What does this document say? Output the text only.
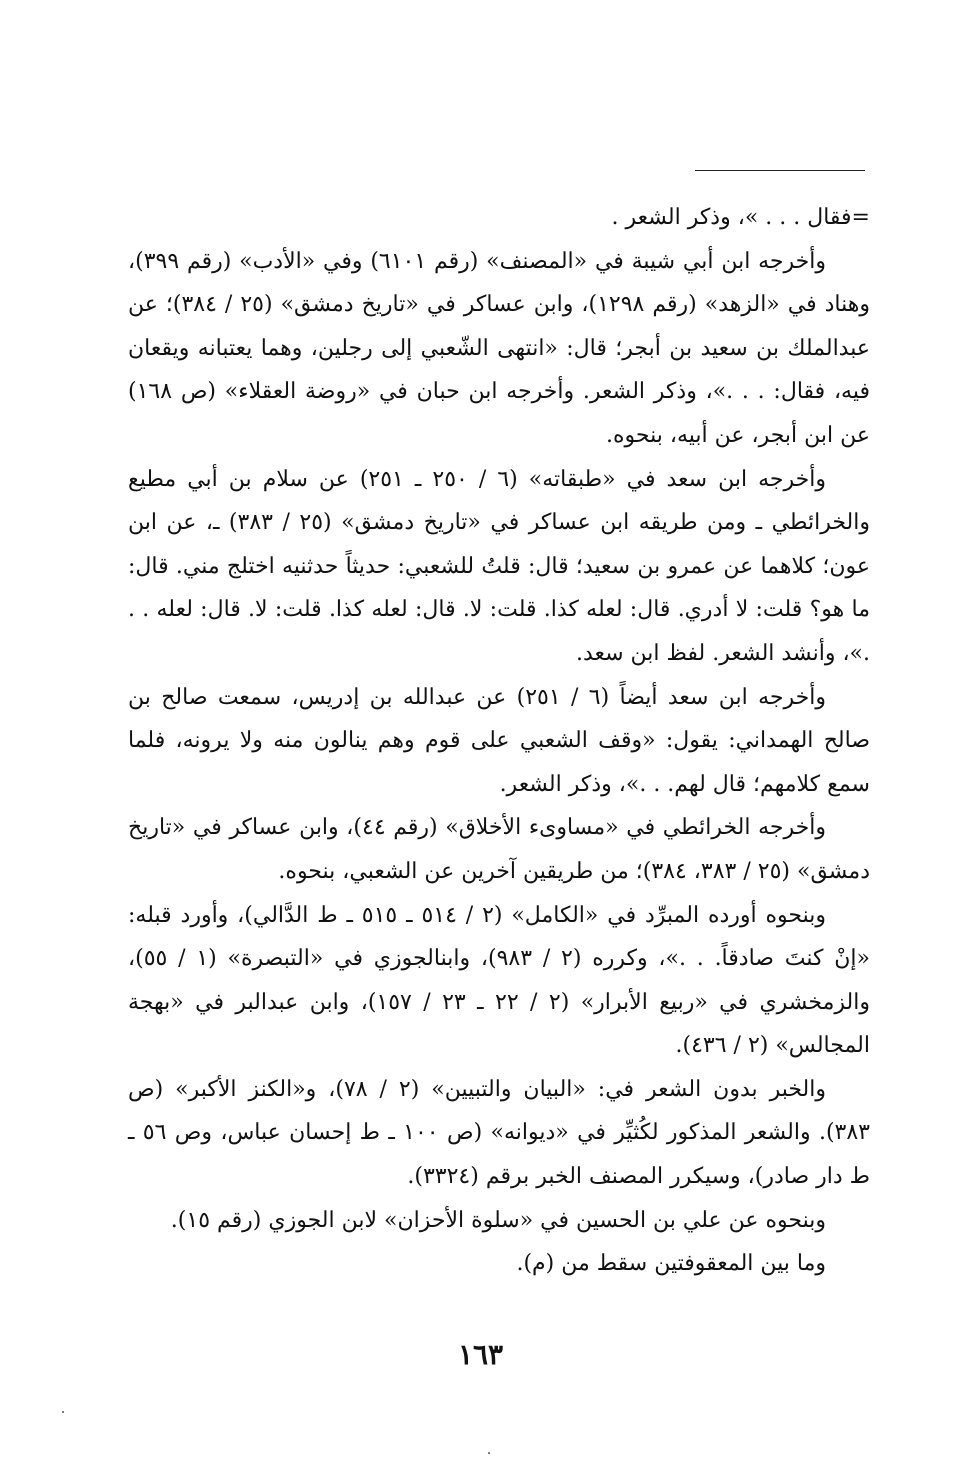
=فقال . . . »، وذكر الشعر .

وأخرجه ابن أبي شيبة في «المصنف» (رقم ٦١٠١) وفي «الأدب» (رقم ٣٩٩)، وهناد في «الزهد» (رقم ١٢٩٨)، وابن عساكر في «تاريخ دمشق» (٢٥ / ٣٨٤)؛ عن عبدالملك بن سعيد بن أبجر؛ قال: «انتهى الشّعبي إلى رجلين، وهما يعتبانه ويقعان فيه، فقال: . . .»، وذكر الشعر. وأخرجه ابن حبان في «روضة العقلاء» (ص ١٦٨) عن ابن أبجر، عن أبيه، بنحوه.

وأخرجه ابن سعد في «طبقاته» (٦ / ٢٥٠ ـ ٢٥١) عن سلام بن أبي مطيع والخرائطي ـ ومن طريقه ابن عساكر في «تاريخ دمشق» (٢٥ / ٣٨٣) ـ، عن ابن عون؛ كلاهما عن عمرو بن سعيد؛ قال: قلتُ للشعبي: حديثاً حدثنيه اختلج مني. قال: ما هو؟ قلت: لا أدري. قال: لعله كذا. قلت: لا. قال: لعله كذا. قلت: لا. قال: لعله . . .»، وأنشد الشعر. لفظ ابن سعد.

وأخرجه ابن سعد أيضاً (٦ / ٢٥١) عن عبدالله بن إدريس، سمعت صالح بن صالح الهمداني: يقول: «وقف الشعبي على قوم وهم ينالون منه ولا يرونه، فلما سمع كلامهم؛ قال لهم. . .»، وذكر الشعر.

وأخرجه الخرائطي في «مساوىء الأخلاق» (رقم ٤٤)، وابن عساكر في «تاريخ دمشق» (٢٥ / ٣٨٣، ٣٨٤)؛ من طريقين آخرين عن الشعبي، بنحوه.

وبنحوه أورده المبرِّد في «الكامل» (٢ / ٥١٤ ـ ٥١٥ ـ ط الدَّالي)، وأورد قبله: «إنْ كنتَ صادقاً. . .»، وكرره (٢ / ٩٨٣)، وابنالجوزي في «التبصرة» (١ / ٥٥)، والزمخشري في «ربيع الأبرار» (٢ / ٢٢ ـ ٢٣ / ١٥٧)، وابن عبدالبر في «بهجة المجالس» (٢ / ٤٣٦).

والخبر بدون الشعر في: «البيان والتبيين» (٢ / ٧٨)، و«الكنز الأكبر» (ص ٣٨٣). والشعر المذكور لكُثيِّر في «ديوانه» (ص ١٠٠ ـ ط إحسان عباس، وص ٥٦ ـ ط دار صادر)، وسيكرر المصنف الخبر برقم (٣٣٢٤).

وبنحوه عن علي بن الحسين في «سلوة الأحزان» لابن الجوزي (رقم ١٥).

وما بين المعقوفتين سقط من (م).

١٦٣
